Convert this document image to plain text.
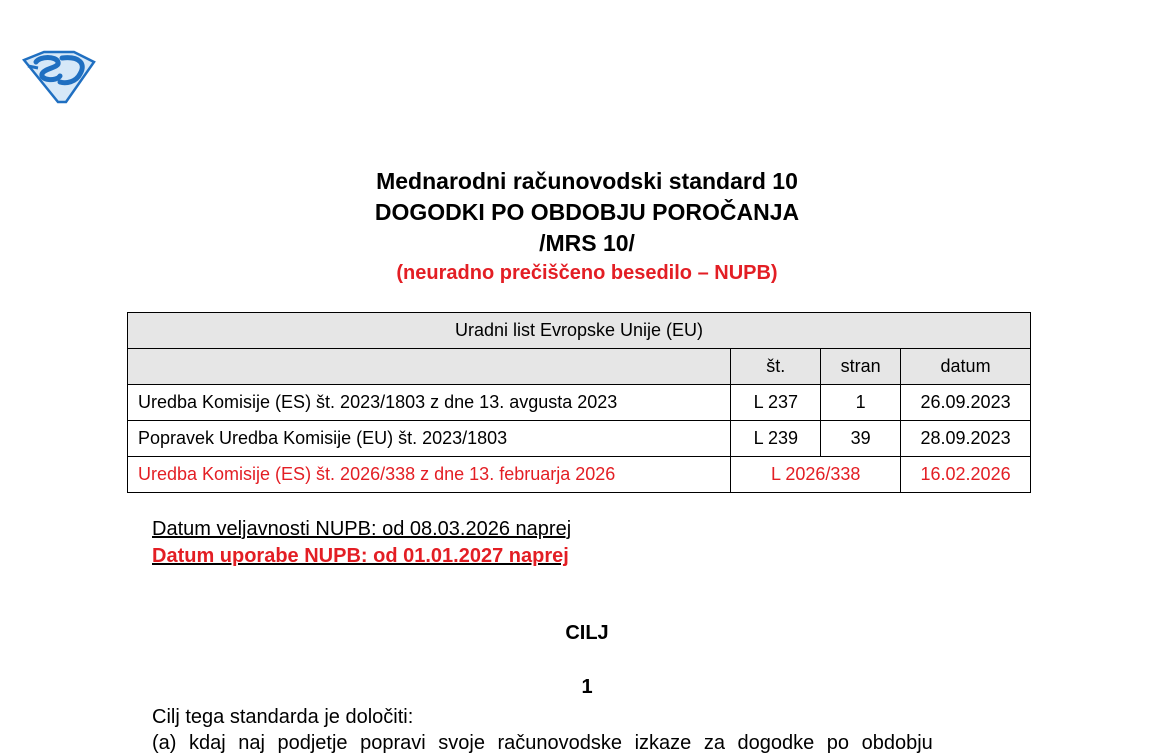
Mednarodni računovodski standard 10
DOGODKI PO OBDOBJU POROČANJA
/MRS 10/
(neuradno prečiščeno besedilo – NUPB)
Uradni list Evropske Unije (EU)			
	št.	stran	datum
Uredba Komisije (ES) št. 2023/1803 z dne 13. avgusta 2023	L 237	1	26.09.2023
Popravek Uredba Komisije (EU) št. 2023/1803	L 239	39	28.09.2023
Uredba Komisije (ES) št. 2026/338 z dne 13. februarja 2026	L 2026/338		16.02.2026
Datum veljavnosti NUPB: od 08.03.2026 naprej
Datum uporabe NUPB: od 01.01.2027 naprej
CILJ
1
Cilj tega standarda je določiti:
(a) kdaj naj podjetje popravi svoje računovodske izkaze za dogodke po obdobju
